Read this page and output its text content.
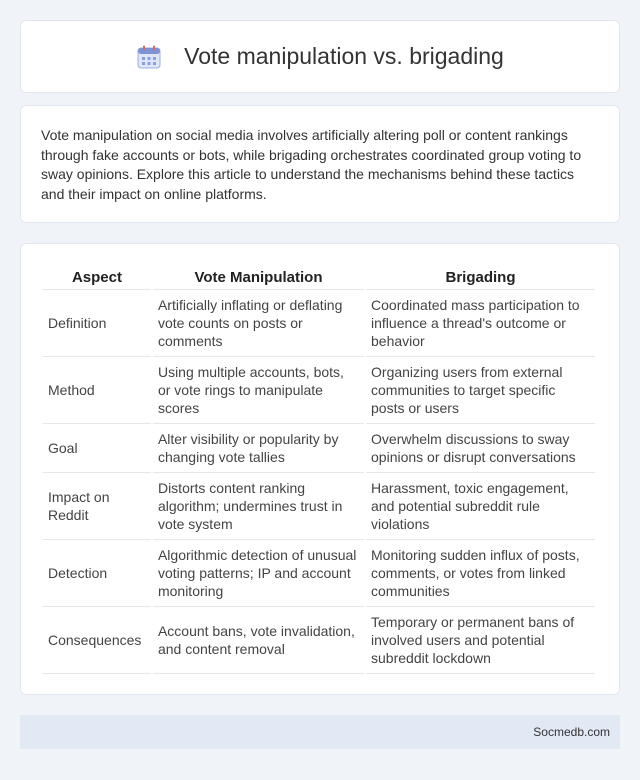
Vote manipulation vs. brigading

Vote manipulation on social media involves artificially altering poll or content rankings through fake accounts or bots, while brigading orchestrates coordinated group voting to sway opinions. Explore this article to understand the mechanisms behind these tactics and their impact on online platforms.

Aspect	Vote Manipulation	Brigading
Definition	Artificially inflating or deflating vote counts on posts or comments	Coordinated mass participation to influence a thread's outcome or behavior
Method	Using multiple accounts, bots, or vote rings to manipulate scores	Organizing users from external communities to target specific posts or users
Goal	Alter visibility or popularity by changing vote tallies	Overwhelm discussions to sway opinions or disrupt conversations
Impact on Reddit	Distorts content ranking algorithm; undermines trust in vote system	Harassment, toxic engagement, and potential subreddit rule violations
Detection	Algorithmic detection of unusual voting patterns; IP and account monitoring	Monitoring sudden influx of posts, comments, or votes from linked communities
Consequences	Account bans, vote invalidation, and content removal	Temporary or permanent bans of involved users and potential subreddit lockdown
Socmedb.com
